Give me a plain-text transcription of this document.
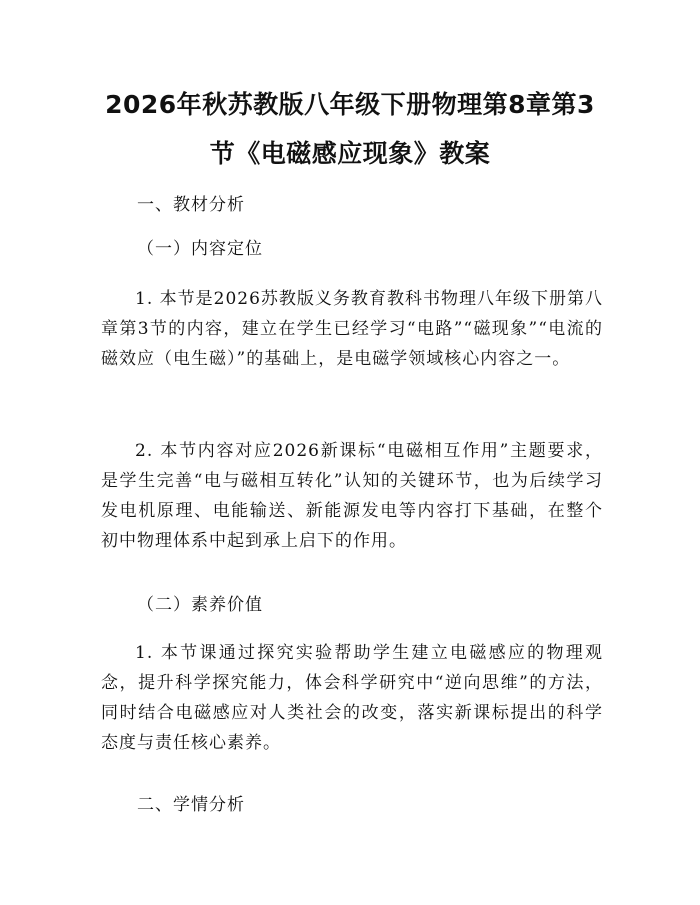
2026年秋苏教版八年级下册物理第8章第3节《电磁感应现象》教案

一、教材分析

（一）内容定位

1. 本节是2026苏教版义务教育教科书物理八年级下册第八章第3节的内容，建立在学生已经学习“电路”“磁现象”“电流的磁效应（电生磁）”的基础上，是电磁学领域核心内容之一。

2. 本节内容对应2026新课标“电磁相互作用”主题要求，是学生完善“电与磁相互转化”认知的关键环节，也为后续学习发电机原理、电能输送、新能源发电等内容打下基础，在整个初中物理体系中起到承上启下的作用。

（二）素养价值

1. 本节课通过探究实验帮助学生建立电磁感应的物理观念，提升科学探究能力，体会科学研究中“逆向思维”的方法，同时结合电磁感应对人类社会的改变，落实新课标提出的科学态度与责任核心素养。

二、学情分析
